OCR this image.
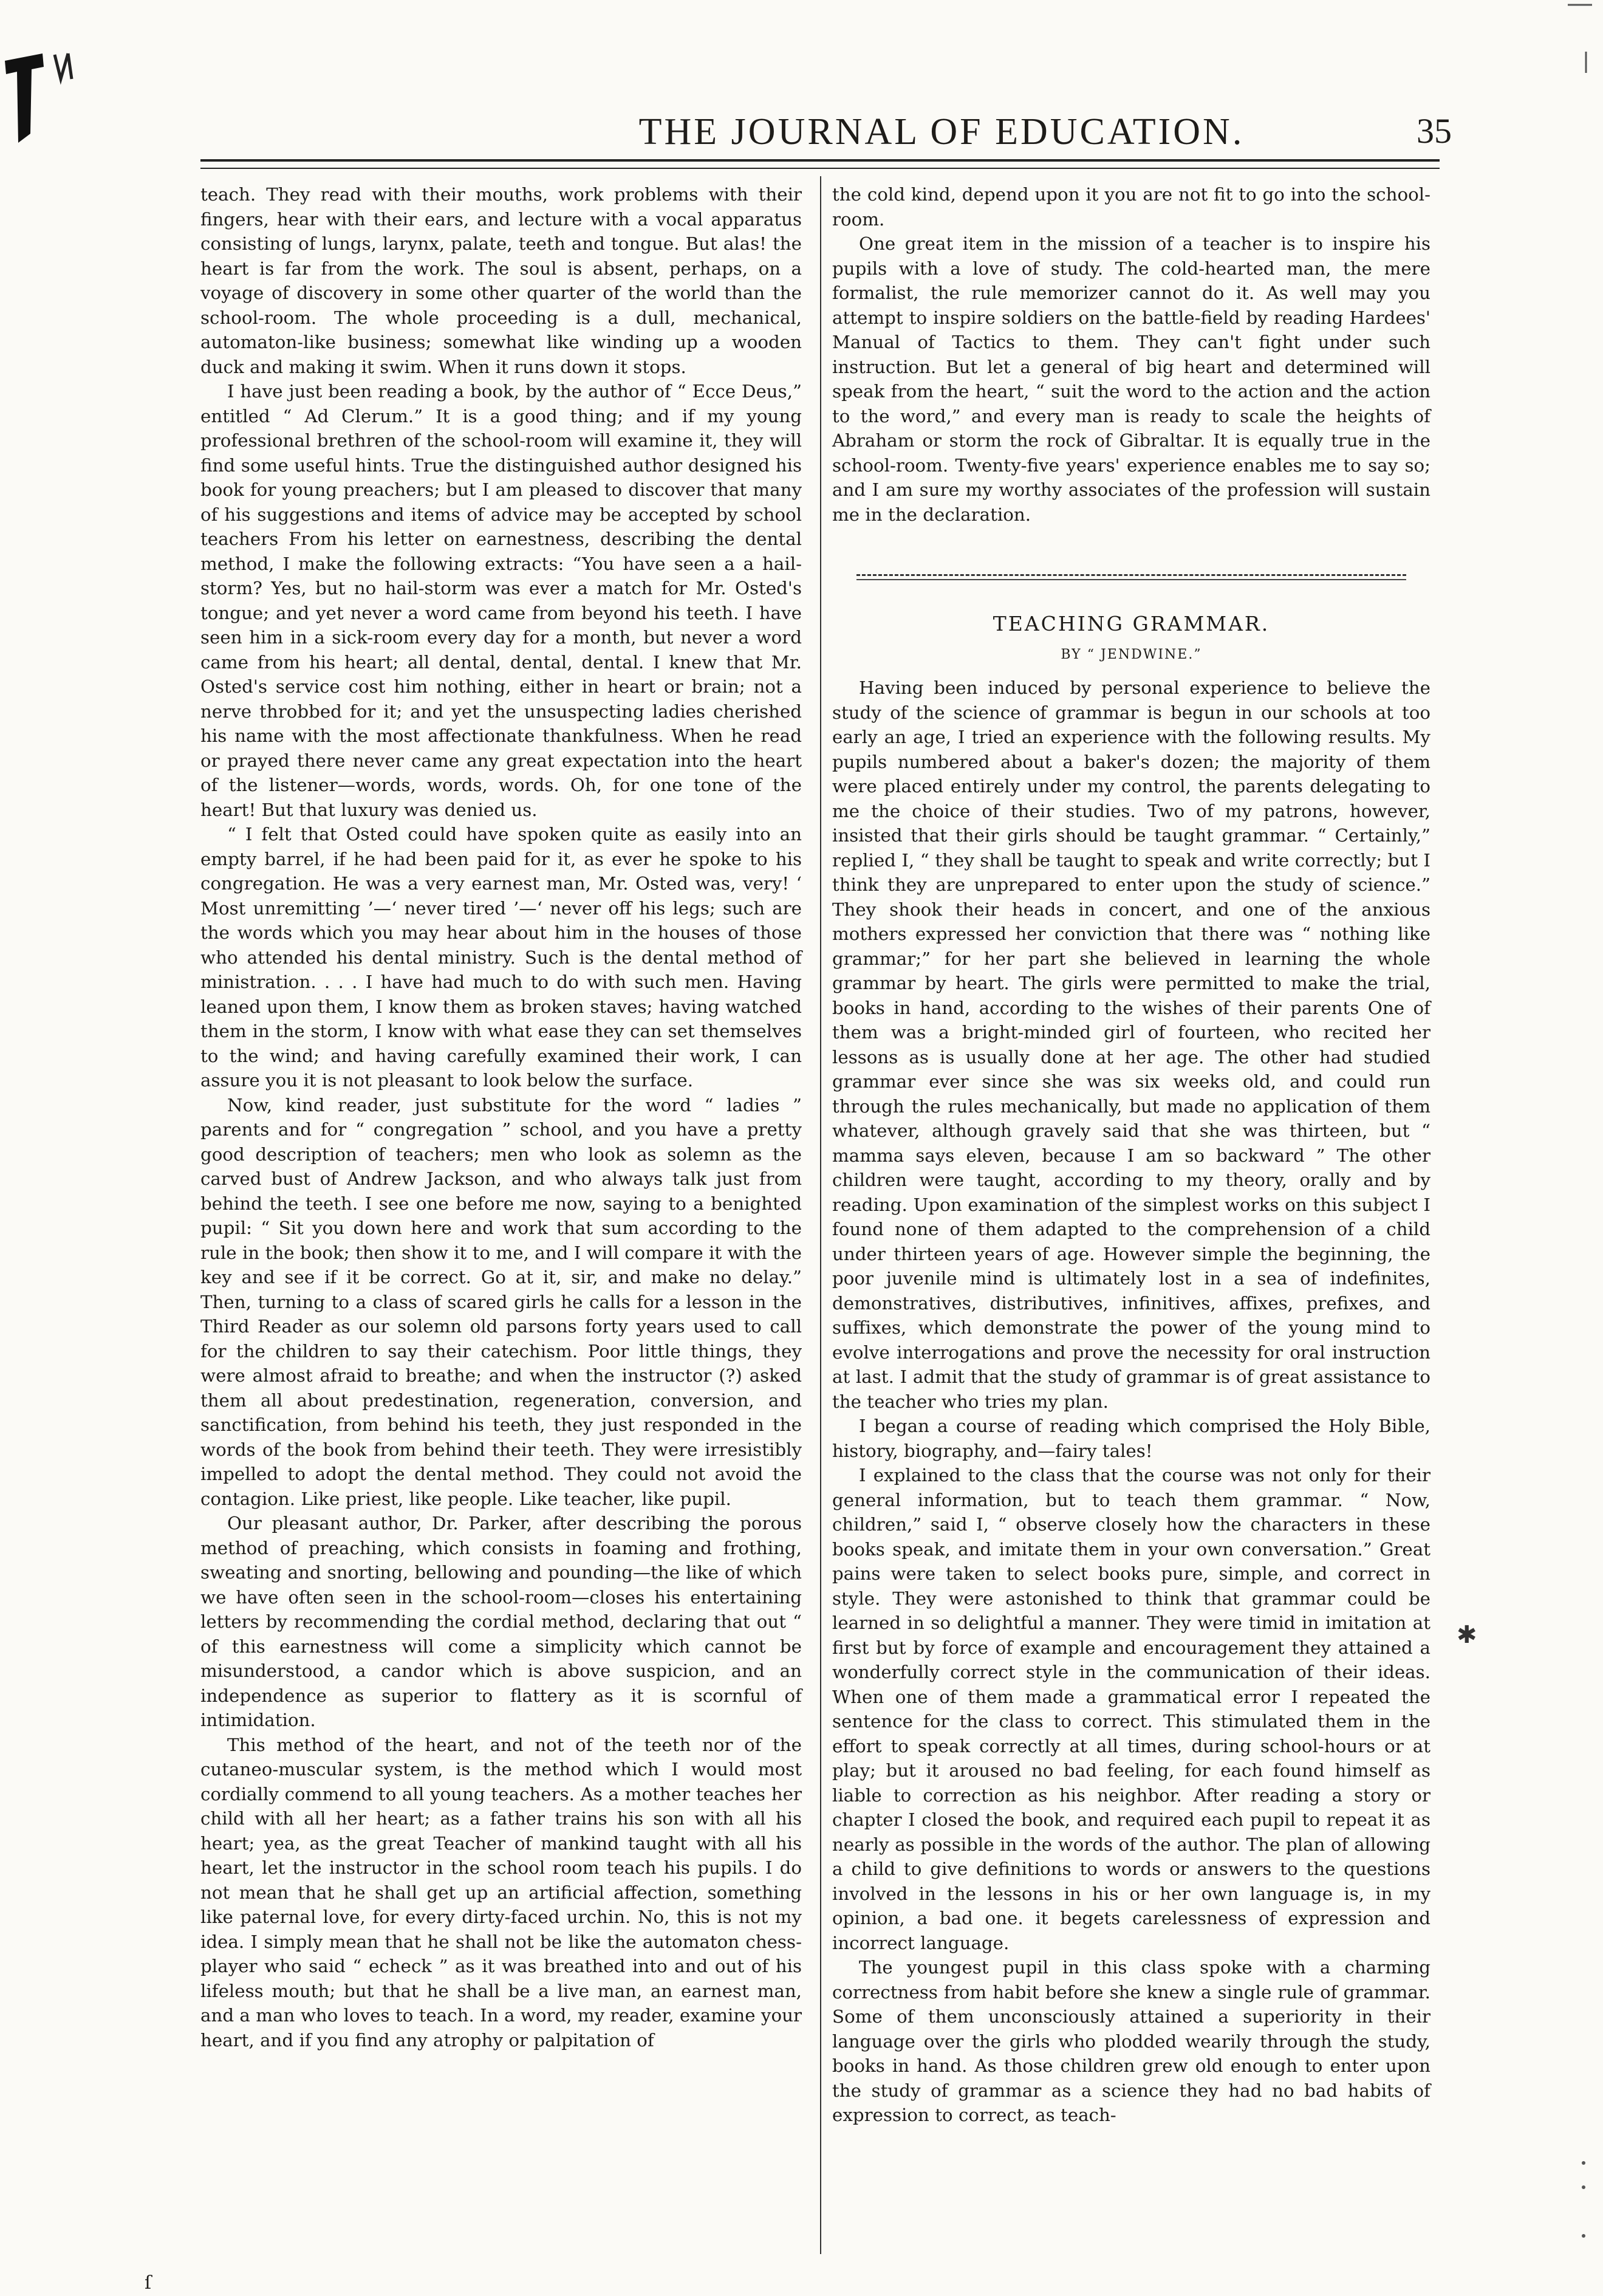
THE JOURNAL OF EDUCATION.	35

teach. They read with their mouths, work problems with their fingers, hear with their ears, and lecture with a vocal apparatus consisting of lungs, larynx, palate, teeth and tongue. But alas! the heart is far from the work. The soul is absent, perhaps, on a voyage of discovery in some other quarter of the world than the school-room. The whole proceeding is a dull, mechanical, automaton-like business; somewhat like winding up a wooden duck and making it swim. When it runs down it stops.

I have just been reading a book, by the author of “ Ecce Deus,” entitled “ Ad Clerum.” It is a good thing; and if my young professional brethren of the school-room will examine it, they will find some useful hints. True the distinguished author designed his book for young preachers; but I am pleased to discover that many of his suggestions and items of advice may be accepted by school teachers From his letter on earnestness, describing the dental method, I make the following extracts: “You have seen a a hail-storm? Yes, but no hail-storm was ever a match for Mr. Osted's tongue; and yet never a word came from beyond his teeth. I have seen him in a sick-room every day for a month, but never a word came from his heart; all dental, dental, dental. I knew that Mr. Osted's service cost him nothing, either in heart or brain; not a nerve throbbed for it; and yet the unsuspecting ladies cherished his name with the most affectionate thankfulness. When he read or prayed there never came any great expectation into the heart of the listener—words, words, words. Oh, for one tone of the heart! But that luxury was denied us.

“ I felt that Osted could have spoken quite as easily into an empty barrel, if he had been paid for it, as ever he spoke to his congregation. He was a very earnest man, Mr. Osted was, very! ‘ Most unremitting ’—‘ never tired ’—‘ never off his legs; such are the words which you may hear about him in the houses of those who attended his dental ministry. Such is the dental method of ministration. . . . I have had much to do with such men. Having leaned upon them, I know them as broken staves; having watched them in the storm, I know with what ease they can set themselves to the wind; and having carefully examined their work, I can assure you it is not pleasant to look below the surface.

Now, kind reader, just substitute for the word “ ladies ” parents and for “ congregation ” school, and you have a pretty good description of teachers; men who look as solemn as the carved bust of Andrew Jackson, and who always talk just from behind the teeth. I see one before me now, saying to a benighted pupil: “ Sit you down here and work that sum according to the rule in the book; then show it to me, and I will compare it with the key and see if it be correct. Go at it, sir, and make no delay.” Then, turning to a class of scared girls he calls for a lesson in the Third Reader as our solemn old parsons forty years used to call for the children to say their catechism. Poor little things, they were almost afraid to breathe; and when the instructor (?) asked them all about predestination, regeneration, conversion, and sanctification, from behind his teeth, they just responded in the words of the book from behind their teeth. They were irresistibly impelled to adopt the dental method. They could not avoid the contagion. Like priest, like people. Like teacher, like pupil.

Our pleasant author, Dr. Parker, after describing the porous method of preaching, which consists in foaming and frothing, sweating and snorting, bellowing and pounding—the like of which we have often seen in the school-room—closes his entertaining letters by recommending the cordial method, declaring that out “ of this earnestness will come a simplicity which cannot be misunderstood, a candor which is above suspicion, and an independence as superior to flattery as it is scornful of intimidation.

This method of the heart, and not of the teeth nor of the cutaneo-muscular system, is the method which I would most cordially commend to all young teachers. As a mother teaches her child with all her heart; as a father trains his son with all his heart; yea, as the great Teacher of mankind taught with all his heart, let the instructor in the school room teach his pupils. I do not mean that he shall get up an artificial affection, something like paternal love, for every dirty-faced urchin. No, this is not my idea. I simply mean that he shall not be like the automaton chess-player who said “ echeck ” as it was breathed into and out of his lifeless mouth; but that he shall be a live man, an earnest man, and a man who loves to teach. In a word, my reader, examine your heart, and if you find any atrophy or palpitation of

the cold kind, depend upon it you are not fit to go into the school-room.

One great item in the mission of a teacher is to inspire his pupils with a love of study. The cold-hearted man, the mere formalist, the rule memorizer cannot do it. As well may you attempt to inspire soldiers on the battle-field by reading Hardees' Manual of Tactics to them. They can't fight under such instruction. But let a general of big heart and determined will speak from the heart, “ suit the word to the action and the action to the word,” and every man is ready to scale the heights of Abraham or storm the rock of Gibraltar. It is equally true in the school-room. Twenty-five years' experience enables me to say so; and I am sure my worthy associates of the profession will sustain me in the declaration.

TEACHING GRAMMAR.
BY “ JENDWINE.”

Having been induced by personal experience to believe the study of the science of grammar is begun in our schools at too early an age, I tried an experience with the following results. My pupils numbered about a baker's dozen; the majority of them were placed entirely under my control, the parents delegating to me the choice of their studies. Two of my patrons, however, insisted that their girls should be taught grammar. “ Certainly,” replied I, “ they shall be taught to speak and write correctly; but I think they are unprepared to enter upon the study of science.” They shook their heads in concert, and one of the anxious mothers expressed her conviction that there was “ nothing like grammar;” for her part she believed in learning the whole grammar by heart. The girls were permitted to make the trial, books in hand, according to the wishes of their parents One of them was a bright-minded girl of fourteen, who recited her lessons as is usually done at her age. The other had studied grammar ever since she was six weeks old, and could run through the rules mechanically, but made no application of them whatever, although gravely said that she was thirteen, but “ mamma says eleven, because I am so backward ” The other children were taught, according to my theory, orally and by reading. Upon examination of the simplest works on this subject I found none of them adapted to the comprehension of a child under thirteen years of age. However simple the beginning, the poor juvenile mind is ultimately lost in a sea of indefinites, demonstratives, distributives, infinitives, affixes, prefixes, and suffixes, which demonstrate the power of the young mind to evolve interrogations and prove the necessity for oral instruction at last. I admit that the study of grammar is of great assistance to the teacher who tries my plan.

I began a course of reading which comprised the Holy Bible, history, biography, and—fairy tales!

I explained to the class that the course was not only for their general information, but to teach them grammar. “ Now, children,” said I, “ observe closely how the characters in these books speak, and imitate them in your own conversation.” Great pains were taken to select books pure, simple, and correct in style. They were astonished to think that grammar could be learned in so delightful a manner. They were timid in imitation at first but by force of example and encouragement they attained a wonderfully correct style in the communication of their ideas. When one of them made a grammatical error I repeated the sentence for the class to correct. This stimulated them in the effort to speak correctly at all times, during school-hours or at play; but it aroused no bad feeling, for each found himself as liable to correction as his neighbor. After reading a story or chapter I closed the book, and required each pupil to repeat it as nearly as possible in the words of the author. The plan of allowing a child to give definitions to words or answers to the questions involved in the lessons in his or her own language is, in my opinion, a bad one. it begets carelessness of expression and incorrect language.

The youngest pupil in this class spoke with a charming correctness from habit before she knew a single rule of grammar. Some of them unconsciously attained a superiority in their language over the girls who plodded wearily through the study, books in hand. As those children grew old enough to enter upon the study of grammar as a science they had no bad habits of expression to correct, as teach-

✱
ſ
